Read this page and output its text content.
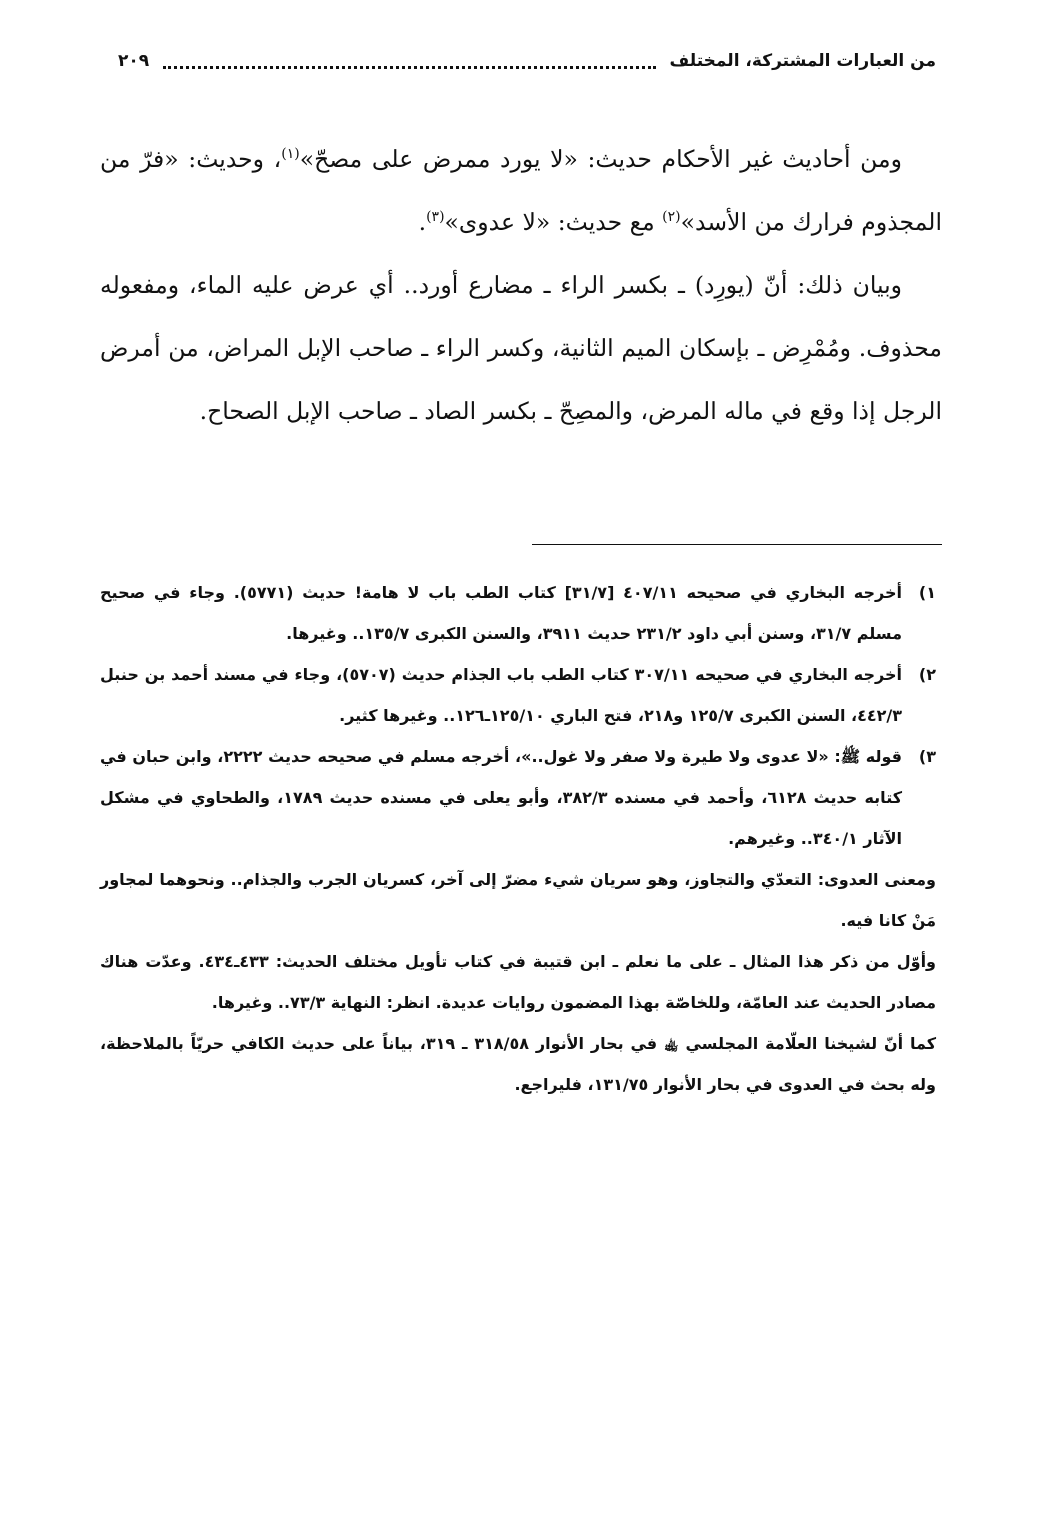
من العبارات المشتركة، المختلف
٢٠٩

ومن أحاديث غير الأحكام حديث: «لا يورد ممرض على مصحّ»$^{(١)}$، وحديث: «فرّ من المجذوم فرارك من الأسد»$^{(٢)}$ مع حديث: «لا عدوى»$^{(٣)}$.

وبيان ذلك: أنّ (يورِد) ـ بكسر الراء ـ مضارع أورد.. أي عرض عليه الماء، ومفعوله محذوف. ومُمْرِض ـ بإسكان الميم الثانية، وكسر الراء ـ صاحب الإبل المراض، من أمرض الرجل إذا وقع في ماله المرض، والمصِحّ ـ بكسر الصاد ـ صاحب الإبل الصحاح.

١)
أخرجه البخاري في صحيحه ٤٠٧/١١ [٣١/٧] كتاب الطب باب لا هامة! حديث (٥٧٧١). وجاء في صحيح مسلم ٣١/٧، وسنن أبي داود ٢٣١/٢ حديث ٣٩١١، والسنن الكبرى ١٣٥/٧.. وغيرها.
٢)
أخرجه البخاري في صحيحه ٣٠٧/١١ كتاب الطب باب الجذام حديث (٥٧٠٧)، وجاء في مسند أحمد بن حنبل ٤٤٢/٣، السنن الكبرى ١٢٥/٧ و٢١٨، فتح الباري ١٢٥/١٠ـ١٢٦.. وغيرها كثير.
٣)
قوله ﷺ: «لا عدوى ولا طيرة ولا صفر ولا غول..»، أخرجه مسلم في صحيحه حديث ٢٢٢٢، وابن حبان في كتابه حديث ٦١٢٨، وأحمد في مسنده ٣٨٢/٣، وأبو يعلى في مسنده حديث ١٧٨٩، والطحاوي في مشكل الآثار ٣٤٠/١.. وغيرهم.

ومعنى العدوى: التعدّي والتجاوز، وهو سريان شيء مضرّ إلى آخر، كسريان الجرب والجذام.. ونحوهما لمجاور مَنْ كانا فيه.

وأوّل من ذكر هذا المثال ـ على ما نعلم ـ ابن قتيبة في كتاب تأويل مختلف الحديث: ٤٣٣ـ٤٣٤. وعدّت هناك مصادر الحديث عند العامّة، وللخاصّة بهذا المضمون روايات عديدة. انظر: النهاية ٧٣/٣.. وغيرها.

كما أنّ لشيخنا العلّامة المجلسي ﵀ في بحار الأنوار ٣١٨/٥٨ ـ ٣١٩، بياناً على حديث الكافي حريّاً بالملاحظة، وله بحث في العدوى في بحار الأنوار ١٣١/٧٥، فليراجع.
